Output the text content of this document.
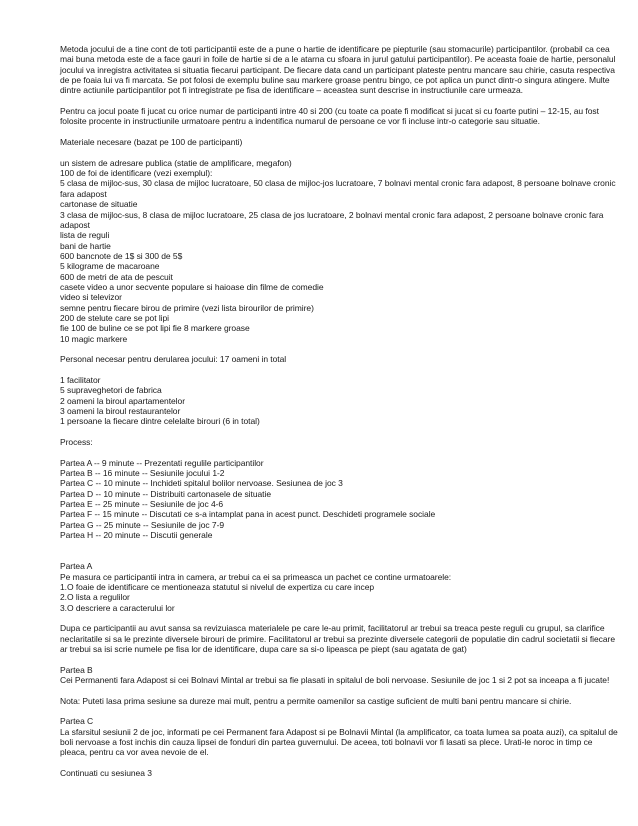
Metoda jocului de a tine cont de toti participantii este de a pune o hartie de identificare pe piepturile (sau stomacurile) participantilor. (probabil ca cea mai buna metoda este de a face gauri in foile de hartie si de a le atarna cu sfoara in jurul gatului participantilor). Pe aceasta foaie de hartie, personalul jocului va inregistra activitatea si situatia fiecarui participant. De fiecare data cand un participant plateste pentru mancare sau chirie, casuta respectiva de pe foaia lui va fi marcata. Se pot folosi de exemplu buline sau markere groase pentru bingo, ce pot aplica un punct dintr-o singura atingere. Multe dintre actiunile participantilor pot fi intregistrate pe fisa de identificare – aceastea sunt descrise in instructiunile care urmeaza.

Pentru ca jocul poate fi jucat cu orice numar de participanti intre 40 si 200 (cu toate ca poate fi modificat si jucat si cu foarte putini – 12-15, au fost folosite procente in instructiunile urmatoare pentru a indentifica numarul de persoane ce vor fi incluse intr-o categorie sau situatie.

Materiale necesare (bazat pe 100 de participanti)

un sistem de adresare publica (statie de amplificare, megafon)

100 de foi de identificare (vezi exemplul):

5 clasa de mijloc-sus, 30 clasa de mijloc lucratoare, 50 clasa de mijloc-jos lucratoare, 7 bolnavi mental cronic fara adapost, 8 persoane bolnave cronic fara adapost

cartonase de situatie

3 clasa de mijloc-sus, 8 clasa de mijloc lucratoare, 25 clasa de jos lucratoare, 2 bolnavi mental cronic fara adapost, 2 persoane bolnave cronic fara adapost

lista de reguli

bani de hartie

600 bancnote de 1$ si 300 de 5$

5 kilograme de macaroane

600 de metri de ata de pescuit

casete video a unor secvente populare si haioase din filme de comedie

video si televizor

semne pentru fiecare birou de primire (vezi lista birourilor de primire)

200 de stelute care se pot lipi

fie 100 de buline ce se pot lipi fie 8 markere groase

10 magic markere

Personal necesar pentru derularea jocului: 17 oameni in total

1 facilitator

5 supraveghetori de fabrica

2 oameni la biroul apartamentelor

3 oameni la biroul restaurantelor

1 persoane la fiecare dintre celelalte birouri (6 in total)

Process:

Partea A -- 9 minute -- Prezentati regulile participantilor

Partea B -- 16 minute -- Sesiunile jocului 1-2

Partea C -- 10 minute -- Inchideti spitalul bolilor nervoase. Sesiunea de joc 3

Partea D -- 10 minute -- Distribuiti cartonasele de situatie

Partea E -- 25 minute -- Sesiunile de joc 4-6

Partea F -- 15 minute -- Discutati ce s-a intamplat pana in acest punct. Deschideti programele sociale

Partea G -- 25 minute -- Sesiunile de joc 7-9

Partea H -- 20 minute -- Discutii generale

Partea A

Pe masura ce participantii intra in camera, ar trebui ca ei sa primeasca un pachet ce contine urmatoarele:

1.O foaie de identificare ce mentioneaza statutul si nivelul de expertiza cu care incep

2.O lista a regulilor

3.O descriere a caracterului lor

Dupa ce participantii au avut sansa sa revizuiasca materialele pe care le-au primit, facilitatorul ar trebui sa treaca peste reguli cu grupul, sa clarifice neclaritatile si sa le prezinte diversele birouri de primire. Facilitatorul ar trebui sa prezinte diversele categorii de populatie din cadrul societatii si fiecare ar trebui sa isi scrie numele pe fisa lor de identificare, dupa care sa si-o lipeasca pe piept (sau agatata de gat)

Partea B

Cei Permanenti fara Adapost si cei Bolnavi Mintal ar trebui sa fie plasati in spitalul de boli nervoase. Sesiunile de joc 1 si 2 pot sa inceapa a fi jucate!

Nota: Puteti lasa prima sesiune sa dureze mai mult, pentru a permite oamenilor sa castige suficient de multi bani pentru mancare si chirie.

Partea C

La sfarsitul sesiunii 2 de joc, informati pe cei Permanent fara Adapost si pe Bolnavii Mintal (la amplificator, ca toata lumea sa poata auzi), ca spitalul de boli nervoase a fost inchis din cauza lipsei de fonduri din partea guvernului. De aceea, toti bolnavii vor fi lasati sa plece. Urati-le noroc in timp ce pleaca, pentru ca vor avea nevoie de el.

Continuati cu sesiunea 3
